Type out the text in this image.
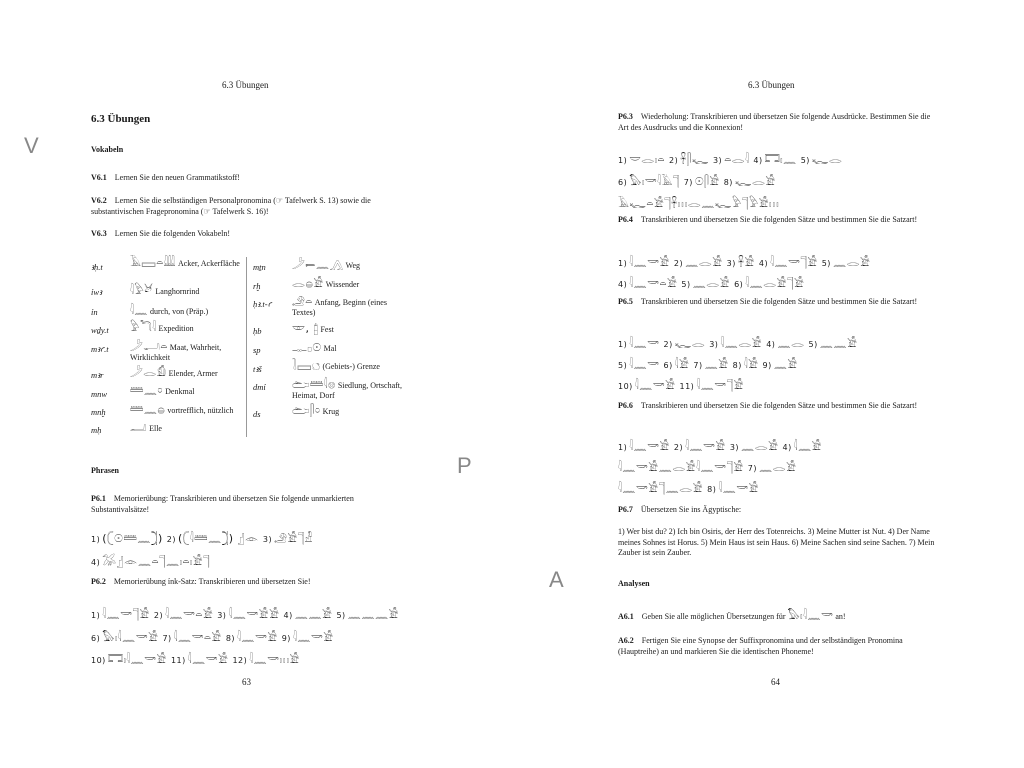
V
P
A
6.3 Übungen
6.3 Übungen
Vokabeln
V6.1 Lernen Sie den neuen Grammatikstoff!
V6.2 Lernen Sie die selbständigen Personalpronomina (☞ Tafelwerk S. 13) sowie die substantivischen Fragepronomina (☞ Tafelwerk S. 16)!
V6.3 Lernen Sie die folgenden Vokabeln!
ꜣḥ.t 𓄿𓈙𓏏𓇏 Acker, Ackerfläche
ỉwꜣ	𓇋𓅱𓃾 Langhornrind
ỉn	𓇋𓈖 durch, von (Präp.)
wḏy.t 𓅱𓆓𓇋 Expedition
mꜣꜥ.t 𓌳𓂝𓏏 Maat, Wahrheit, Wirklichkeit
mꜣr 𓌳𓂋𓀁 Elender, Armer
mnw 𓏠𓈖𓏌 Denkmal
mnḫ 𓏠𓈖𓐍 vortrefflich, nützlich
mḥ	𓂣 Elle
mṯn 𓌳𓍿𓈖𓂻 Weg
rḫ	𓂋𓐍𓀀 Wissender
ḥꜣ.t-ꜥ 𓄂𓏏 Anfang, Beginn (eines Textes)
ḥb	𓎱, 𓉺 Fest
sp	𓊃𓊪𓇳 Mal
tꜣš	𓍘𓈙𓐎 (Gebiets-) Grenze
dmỉ 𓂧𓏠𓇋𓊖 Siedlung, Ortschaft, Heimat, Dorf
ds	𓂧𓋴𓏌 Krug
Phrasen
P6.1 Memorierübung: Transkribieren und übersetzen Sie folgende unmarkierten Substantivalsätze!
1) (𓍹𓇳𓏠𓈖𓍺) 2) (𓍹𓇋𓏠𓈖𓍺) 𓊨𓁹 3) 𓄂𓀀𓊹𓁐
4) 𓅮𓊨𓁹𓈖𓏏𓊹𓈖𓏤𓏏𓏤𓀀𓊹
P6.2 Memorierübung ỉnk-Satz: Transkribieren und übersetzen Sie!
1) 𓇋𓈖𓎡𓊹𓀀 2) 𓇋𓈖𓎡𓏏𓀀 3) 𓇋𓈖𓎡𓀀𓀀 4) 𓈖𓈖𓀀 5) 𓈖𓈖𓈖𓀀
6) 𓅃𓏤𓇋𓈖𓎡𓀀 7) 𓇋𓈖𓎡𓏏𓀀 8) 𓇋𓈖𓎡𓀀 9) 𓇋𓈖𓎡𓀀
10) 𓉐𓏤𓇋𓈖𓎡𓀀 11) 𓇋𓈖𓎡𓀀 12) 𓇋𓈖𓎡𓏥𓀀
63
6.3 Übungen
P6.3 Wiederholung: Transkribieren und übersetzen Sie folgende Ausdrücke. Bestimmen Sie die Art des Ausdrucks und die Konnexion!
1) 𓎟𓂋𓏤𓏏 2) 𓋹𓋴𓆑 3) 𓏏𓂋𓇋 4) 𓉐𓏤𓈖 5) 𓆑𓂋
6) 𓅃𓏤𓎡𓇋𓄿𓊹 7) 𓇳𓋴𓀀 8) 𓆑𓂋𓀀
𓄿𓆑𓏏𓀀𓊹𓋹𓏥𓂋𓈖𓆑𓅱𓊹𓅱𓀀𓏥
P6.4 Transkribieren und übersetzen Sie die folgenden Sätze und bestimmen Sie die Satzart!
1) 𓇋𓈖𓎡𓀀 2) 𓈖𓂋𓀀 3) 𓋹𓀀 4) 𓇋𓈖𓎡𓊹𓀀 5) 𓈖𓂋𓀀
4) 𓇋𓈖𓎡𓏏𓀀 5) 𓈖𓂋𓀀 6) 𓇋𓈖𓂋𓀀𓊹𓀀
P6.5 Transkribieren und übersetzen Sie die folgenden Sätze und bestimmen Sie die Satzart!
1) 𓇋𓈖𓎡 2) 𓆑𓂋 3) 𓇋𓈖𓂋𓀀 4) 𓈖𓂋 5) 𓈖𓈖𓀀
5) 𓇋𓈖𓎡 6) 𓇋𓀀 7) 𓈖𓀀 8) 𓇋𓀀 9) 𓈖𓀀
10) 𓇋𓈖𓎡𓀀 11) 𓇋𓈖𓎡𓊹𓀀
P6.6 Transkribieren und übersetzen Sie die folgenden Sätze und bestimmen Sie die Satzart!
1) 𓇋𓈖𓎡𓀀 2) 𓇋𓈖𓎡𓀀 3) 𓈖𓂋𓀀 4) 𓇋𓈖𓀀
𓇋𓈖𓎡𓀀𓈖𓂋𓀀𓇋𓈖𓎡𓊹𓀀 7) 𓈖𓂋𓀀
𓇋𓈖𓎡𓀀𓊹𓈖𓂋𓀀 8) 𓇋𓈖𓎡𓀀
P6.7 Übersetzen Sie ins Ägyptische:
1) Wer bist du? 2) Ich bin Osiris, der Herr des Totenreichs. 3) Meine Mutter ist Nut. 4) Der Name meines Sohnes ist Horus. 5) Mein Haus ist sein Haus. 6) Meine Sachen sind seine Sachen. 7) Mein Zauber ist sein Zauber.
Analysen
A6.1 Geben Sie alle möglichen Übersetzungen für 𓅃𓏤𓇋𓈖𓎡 an!
A6.2 Fertigen Sie eine Synopse der Suffixpronomina und der selbständigen Pronomina (Hauptreihe) an und markieren Sie die identischen Phoneme!
64
